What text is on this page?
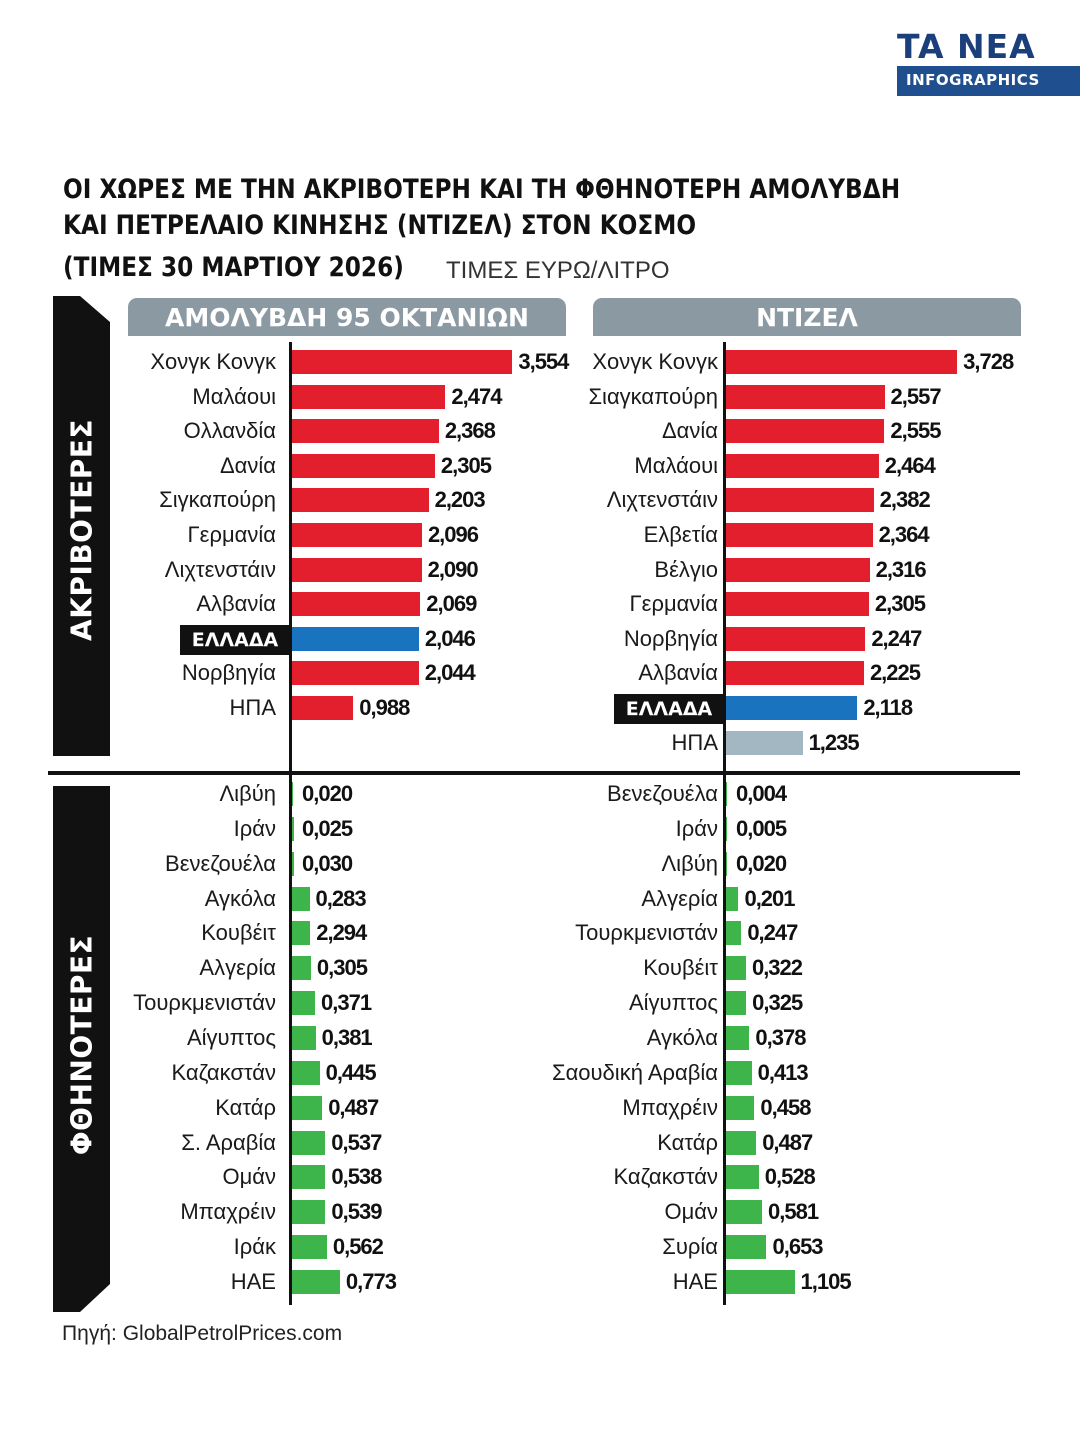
TA NEA
INFOGRAPHICS
ΟΙ ΧΩΡΕΣ ΜΕ ΤΗΝ ΑΚΡΙΒΟΤΕΡΗ ΚΑΙ ΤΗ ΦΘΗΝΟΤΕΡΗ ΑΜΟΛΥΒΔΗ
ΚΑΙ ΠΕΤΡΕΛΑΙΟ ΚΙΝΗΣΗΣ (ΝΤΙΖΕΛ) ΣΤΟΝ ΚΟΣΜΟ
(ΤΙΜΕΣ 30 ΜΑΡΤΙΟΥ 2026) ΤΙΜΕΣ ΕΥΡΩ/ΛΙΤΡΟ
ΑΜΟΛΥΒΔΗ 95 ΟΚΤΑΝΙΩΝ	ΝΤΙΖΕΛ
ΑΚΡΙΒΟΤΕΡΕΣ
ΦΘΗΝΟΤΕΡΕΣ
Χονγκ Κονγκ	3,554
Μαλάουι	2,474
Ολλανδία	2,368
Δανία	2,305
Σιγκαπούρη	2,203
Γερμανία	2,096
Λιχτενστάιν	2,090
Αλβανία	2,069
ΕΛΛΑΔΑ	2,046
Νορβηγία	2,044
ΗΠΑ	0,988
Χονγκ Κονγκ	3,728
Σιαγκαπούρη	2,557
Δανία	2,555
Μαλάουι	2,464
Λιχτενστάιν	2,382
Ελβετία	2,364
Βέλγιο	2,316
Γερμανία	2,305
Νορβηγία	2,247
Αλβανία	2,225
ΕΛΛΑΔΑ	2,118
ΗΠΑ	1,235
Λιβύη 0,020
Ιράν 0,025
Βενεζουέλα 0,030
Αγκόλα 0,283
Κουβέιτ 2,294
Αλγερία 0,305
Τουρκμενιστάν 0,371
Αίγυπτος 0,381
Καζακστάν 0,445
Κατάρ 0,487
Σ. Αραβία	0,537
Ομάν	0,538
Μπαχρέιν	0,539
Ιράκ	0,562
ΗΑΕ	0,773
Βενεζουέλα 0,004
Ιράν 0,005
Λιβύη 0,020
Αλγερία 0,201
Τουρκμενιστάν 0,247
Κουβέιτ 0,322
Αίγυπτος 0,325
Αγκόλα 0,378
Σαουδική Αραβία 0,413
Μπαχρέιν 0,458
Κατάρ 0,487
Καζακστάν 0,528
Ομάν 0,581
Συρία 0,653
ΗΑΕ	1,105
Πηγή: GlobalPetrolPrices.com
